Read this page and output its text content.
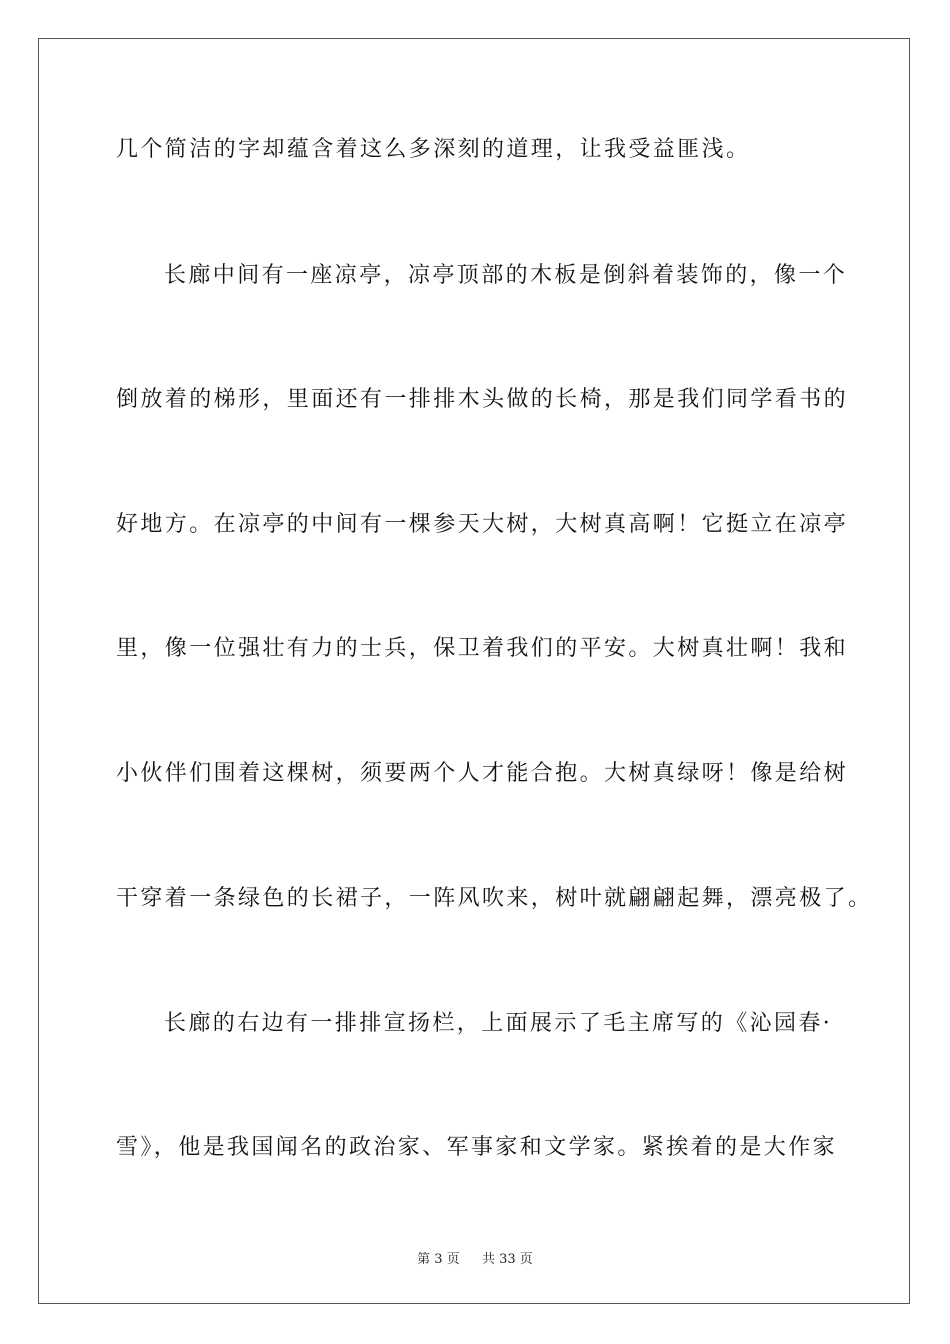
几个简洁的字却蕴含着这么多深刻的道理，让我受益匪浅。
长廊中间有一座凉亭，凉亭顶部的木板是倒斜着装饰的，像一个
倒放着的梯形，里面还有一排排木头做的长椅，那是我们同学看书的
好地方。在凉亭的中间有一棵参天大树，大树真高啊！它挺立在凉亭
里，像一位强壮有力的士兵，保卫着我们的平安。大树真壮啊！我和
小伙伴们围着这棵树，须要两个人才能合抱。大树真绿呀！像是给树
干穿着一条绿色的长裙子，一阵风吹来，树叶就翩翩起舞，漂亮极了。
长廊的右边有一排排宣扬栏，上面展示了毛主席写的《沁园春·
雪》，他是我国闻名的政治家、军事家和文学家。紧挨着的是大作家
第 3 页 共 33 页
